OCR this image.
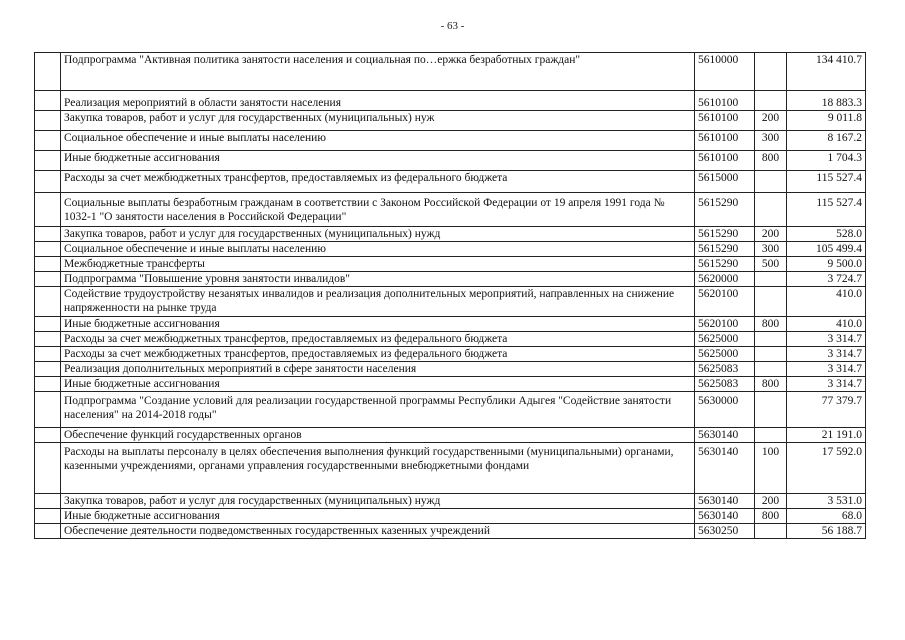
- 63 -
	Подпрограмма "Активная политика занятости населения и социальная по…ержка безработных граждан"	5610000		134 410.7
	Реализация мероприятий в области занятости населения	5610100		18 883.3
	Закупка товаров, работ и услуг для государственных (муниципальных) нуж	5610100	200	9 011.8
	Социальное обеспечение и иные выплаты населению	5610100	300	8 167.2
	Иные бюджетные ассигнования	5610100	800	1 704.3
	Расходы за счет межбюджетных трансфертов, предоставляемых из федерального бюджета	5615000		115 527.4
	Социальные выплаты безработным гражданам в соответствии с Законом Российской Федерации от 19 апреля 1991 года № 1032-1 "О занятости населения в Российской Федерации"	5615290		115 527.4
	Закупка товаров, работ и услуг для государственных (муниципальных) нужд	5615290	200	528.0
	Социальное обеспечение и иные выплаты населению	5615290	300	105 499.4
	Межбюджетные трансферты	5615290	500	9 500.0
	Подпрограмма "Повышение уровня занятости инвалидов"	5620000		3 724.7
	Содействие трудоустройству незанятых инвалидов и реализация дополнительных мероприятий, направленных на снижение напряженности на рынке труда	5620100		410.0
	Иные бюджетные ассигнования	5620100	800	410.0
	Расходы за счет межбюджетных трансфертов, предоставляемых из федерального бюджета	5625000		3 314.7
	Расходы за счет межбюджетных трансфертов, предоставляемых из федерального бюджета	5625000		3 314.7
	Реализация дополнительных мероприятий в сфере занятости населения	5625083		3 314.7
	Иные бюджетные ассигнования	5625083	800	3 314.7
	Подпрограмма "Создание условий для реализации государственной программы Республики Адыгея "Содействие занятости населения" на 2014-2018 годы"	5630000		77 379.7
	Обеспечение функций государственных органов	5630140		21 191.0
	Расходы на выплаты персоналу в целях обеспечения выполнения функций государственными (муниципальными) органами, казенными учреждениями, органами управления государственными внебюджетными фондами	5630140	100	17 592.0
	Закупка товаров, работ и услуг для государственных (муниципальных) нужд	5630140	200	3 531.0
	Иные бюджетные ассигнования	5630140	800	68.0
	Обеспечение деятельности подведомственных государственных казенных учреждений	5630250		56 188.7
